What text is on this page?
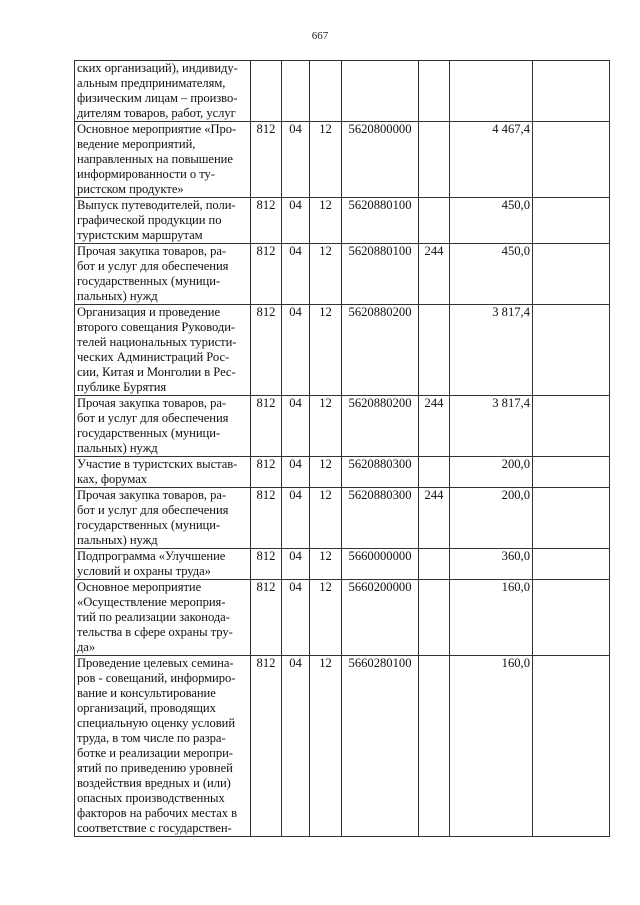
667
ских организаций), индивиду-
альным предпринимателям,
физическим лицам – произво-
дителям товаров, работ, услуг							

Основное мероприятие «Про-
ведение мероприятий,
направленных на повышение
информированности о ту-
ристском продукте»	812	04	12	5620800000		4 467,4	

Выпуск путеводителей, поли-
графической продукции по
туристским маршрутам	812	04	12	5620880100		450,0	

Прочая закупка товаров, ра-
бот и услуг для обеспечения
государственных (муници-
пальных) нужд	812	04	12	5620880100	244	450,0	

Организация и проведение
второго совещания Руководи-
телей национальных туристи-
ческих Администраций Рос-
сии, Китая и Монголии в Рес-
публике Бурятия
	812	04	12	5620880200		3 817,4	

Прочая закупка товаров, ра-
бот и услуг для обеспечения
государственных (муници-
пальных) нужд	812	04	12	5620880200	244	3 817,4	

Участие в туристских выстав-
ках, форумах	812	04	12	5620880300		200,0	

Прочая закупка товаров, ра-
бот и услуг для обеспечения
государственных (муници-
пальных) нужд	812	04	12	5620880300	244	200,0	

Подпрограмма «Улучшение
условий и охраны труда»	812	04	12	5660000000		360,0	

Основное мероприятие
«Осуществление мероприя-
тий по реализации законода-
тельства в сфере охраны тру-
да»	812	04	12	5660200000		160,0	

Проведение целевых семина-
ров - совещаний, информиро-
вание и консультирование
организаций, проводящих
специальную оценку условий
труда, в том числе по разра-
ботке и реализации меропри-
ятий по приведению уровней
воздействия вредных и (или)
опасных производственных
факторов на рабочих местах в
соответствие с государствен-
	812	04	12	5660280100		160,0	
